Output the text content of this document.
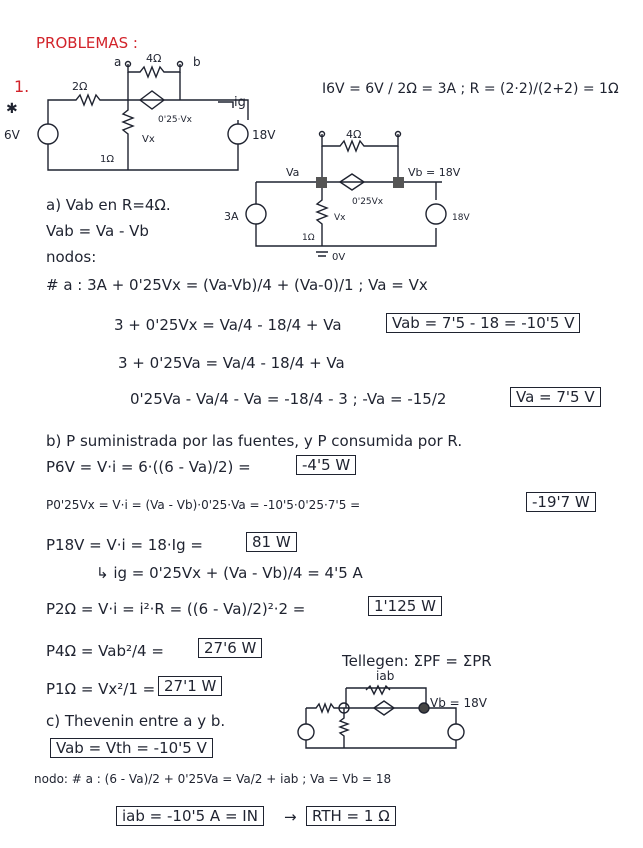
PROBLEMAS :
1.
✱
a	b
4Ω
2Ω
0'25·Vx
Vx
1Ω
ig
6V	18V
I6V = 6V / 2Ω = 3A ; R = (2·2)/(2+2) = 1Ω
4Ω
Va	Vb = 18V
0'25Vx
Vx
1Ω
3A	18V
0V
a) Vab en R=4Ω.
Vab = Va - Vb
nodos:
# a : 3A + 0'25Vx = (Va-Vb)/4 + (Va-0)/1 ; Va = Vx
3 + 0'25Vx = Va/4 - 18/4 + Va	Vab = 7'5 - 18 = -10'5 V
3 + 0'25Va = Va/4 - 18/4 + Va
0'25Va - Va/4 - Va = -18/4 - 3 ; -Va = -15/2	Va = 7'5 V
b) P suministrada por las fuentes, y P consumida por R.
P6V = V·i = 6·((6 - Va)/2) =	-4'5 W
P0'25Vx = V·i = (Va - Vb)·0'25·Va = -10'5·0'25·7'5 =	-19'7 W
P18V = V·i = 18·Ig =	81 W
↳ ig = 0'25Vx + (Va - Vb)/4 = 4'5 A
P2Ω = V·i = i²·R = ((6 - Va)/2)²·2 =	1'125 W
P4Ω = Vab²/4 =	27'6 W
Tellegen: ΣPF = ΣPR
P1Ω = Vx²/1 = 27'1 W
iab
Vb = 18V
c) Thevenin entre a y b.
Vab = Vth = -10'5 V
nodo: # a : (6 - Va)/2 + 0'25Va = Va/2 + iab ; Va = Vb = 18
iab = -10'5 A = IN	→	RTH = 1 Ω
